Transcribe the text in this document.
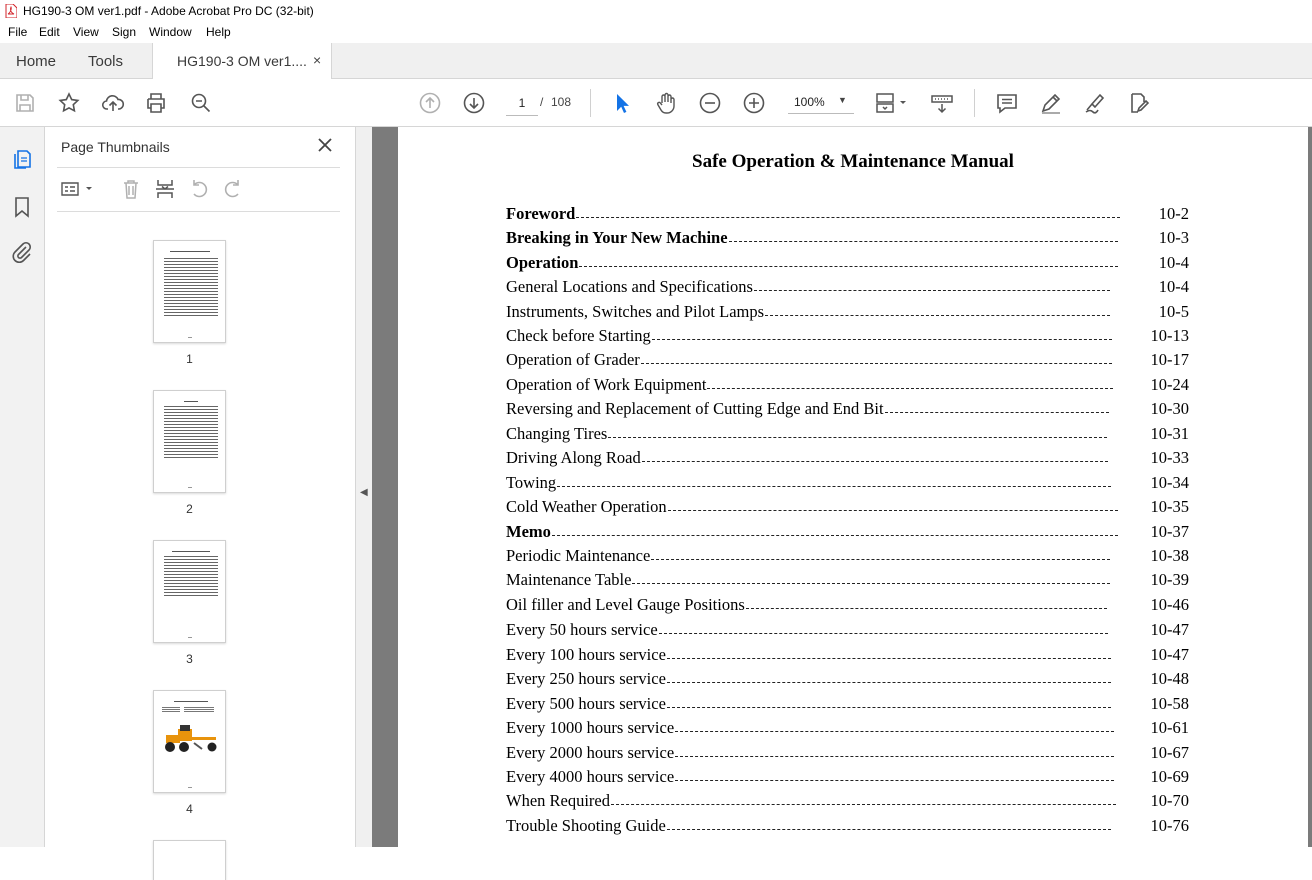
HG190-3 OM ver1.pdf - Adobe Acrobat Pro DC (32-bit)
File Edit View Sign Window Help
Home Tools	HG190-3 OM ver1.... ×
1
/ 108	100% ▼
Page Thumbnails
1
2
3
4
◀
Safe Operation & Maintenance Manual
Foreword	10-2
Breaking in Your New Machine	10-3
Operation	10-4
General Locations and Specifications	10-4
Instruments, Switches and Pilot Lamps	10-5
Check before Starting	10-13
Operation of Grader	10-17
Operation of Work Equipment	10-24
Reversing and Replacement of Cutting Edge and End Bit	10-30
Changing Tires	10-31
Driving Along Road	10-33
Towing	10-34
Cold Weather Operation	10-35
Memo	10-37
Periodic Maintenance	10-38
Maintenance Table	10-39
Oil filler and Level Gauge Positions	10-46
Every 50 hours service	10-47
Every 100 hours service	10-47
Every 250 hours service	10-48
Every 500 hours service	10-58
Every 1000 hours service	10-61
Every 2000 hours service	10-67
Every 4000 hours service	10-69
When Required	10-70
Trouble Shooting Guide	10-76
